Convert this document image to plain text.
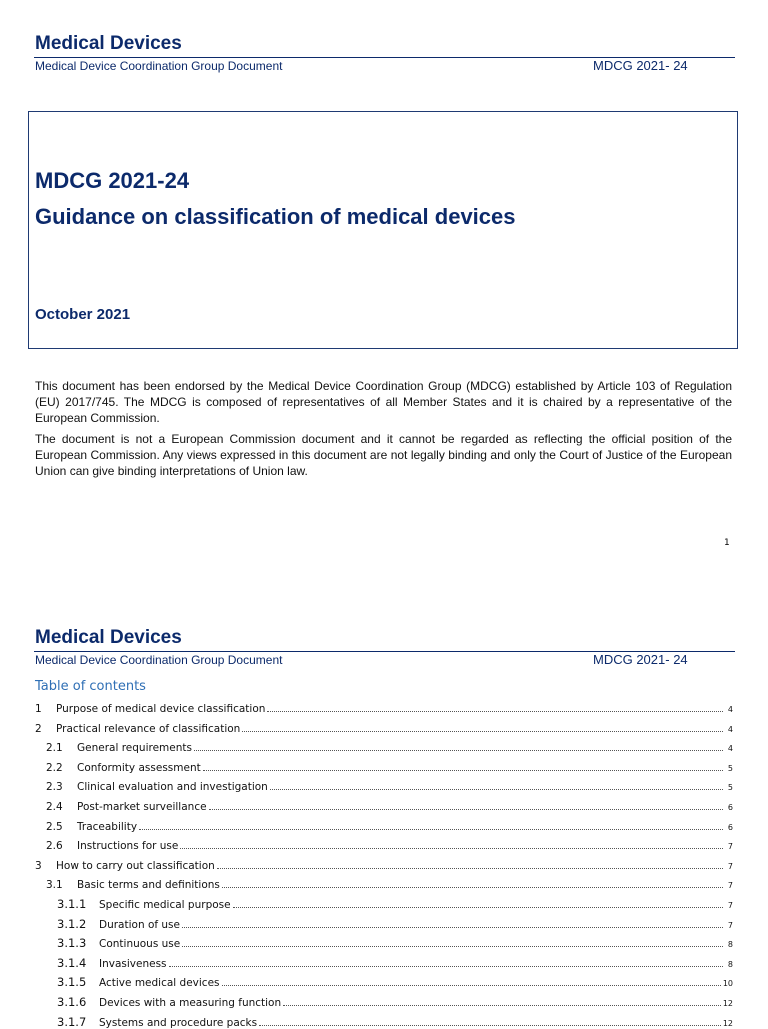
Medical Devices
Medical Device Coordination Group Document	MDCG 2021- 24
MDCG 2021-24
Guidance on classification of medical devices
October 2021
This document has been endorsed by the Medical Device Coordination Group (MDCG) established by Article 103 of Regulation (EU) 2017/745. The MDCG is composed of representatives of all Member States and it is chaired by a representative of the European Commission.
The document is not a European Commission document and it cannot be regarded as reflecting the official position of the European Commission. Any views expressed in this document are not legally binding and only the Court of Justice of the European Union can give binding interpretations of Union law.
1
Medical Devices
Medical Device Coordination Group Document	MDCG 2021- 24
Table of contents
1	Purpose of medical device classification	4
2	Practical relevance of classification	4
2.1	General requirements	4
2.2	Conformity assessment	5
2.3	Clinical evaluation and investigation	5
2.4	Post-market surveillance	6
2.5	Traceability	6
2.6	Instructions for use	7
3	How to carry out classification	7
3.1	Basic terms and definitions	7
3.1.1	Specific medical purpose	7
3.1.2	Duration of use	7
3.1.3	Continuous use	8
3.1.4	Invasiveness	8
3.1.5	Active medical devices	10
3.1.6	Devices with a measuring function	12
3.1.7	Systems and procedure packs	12
